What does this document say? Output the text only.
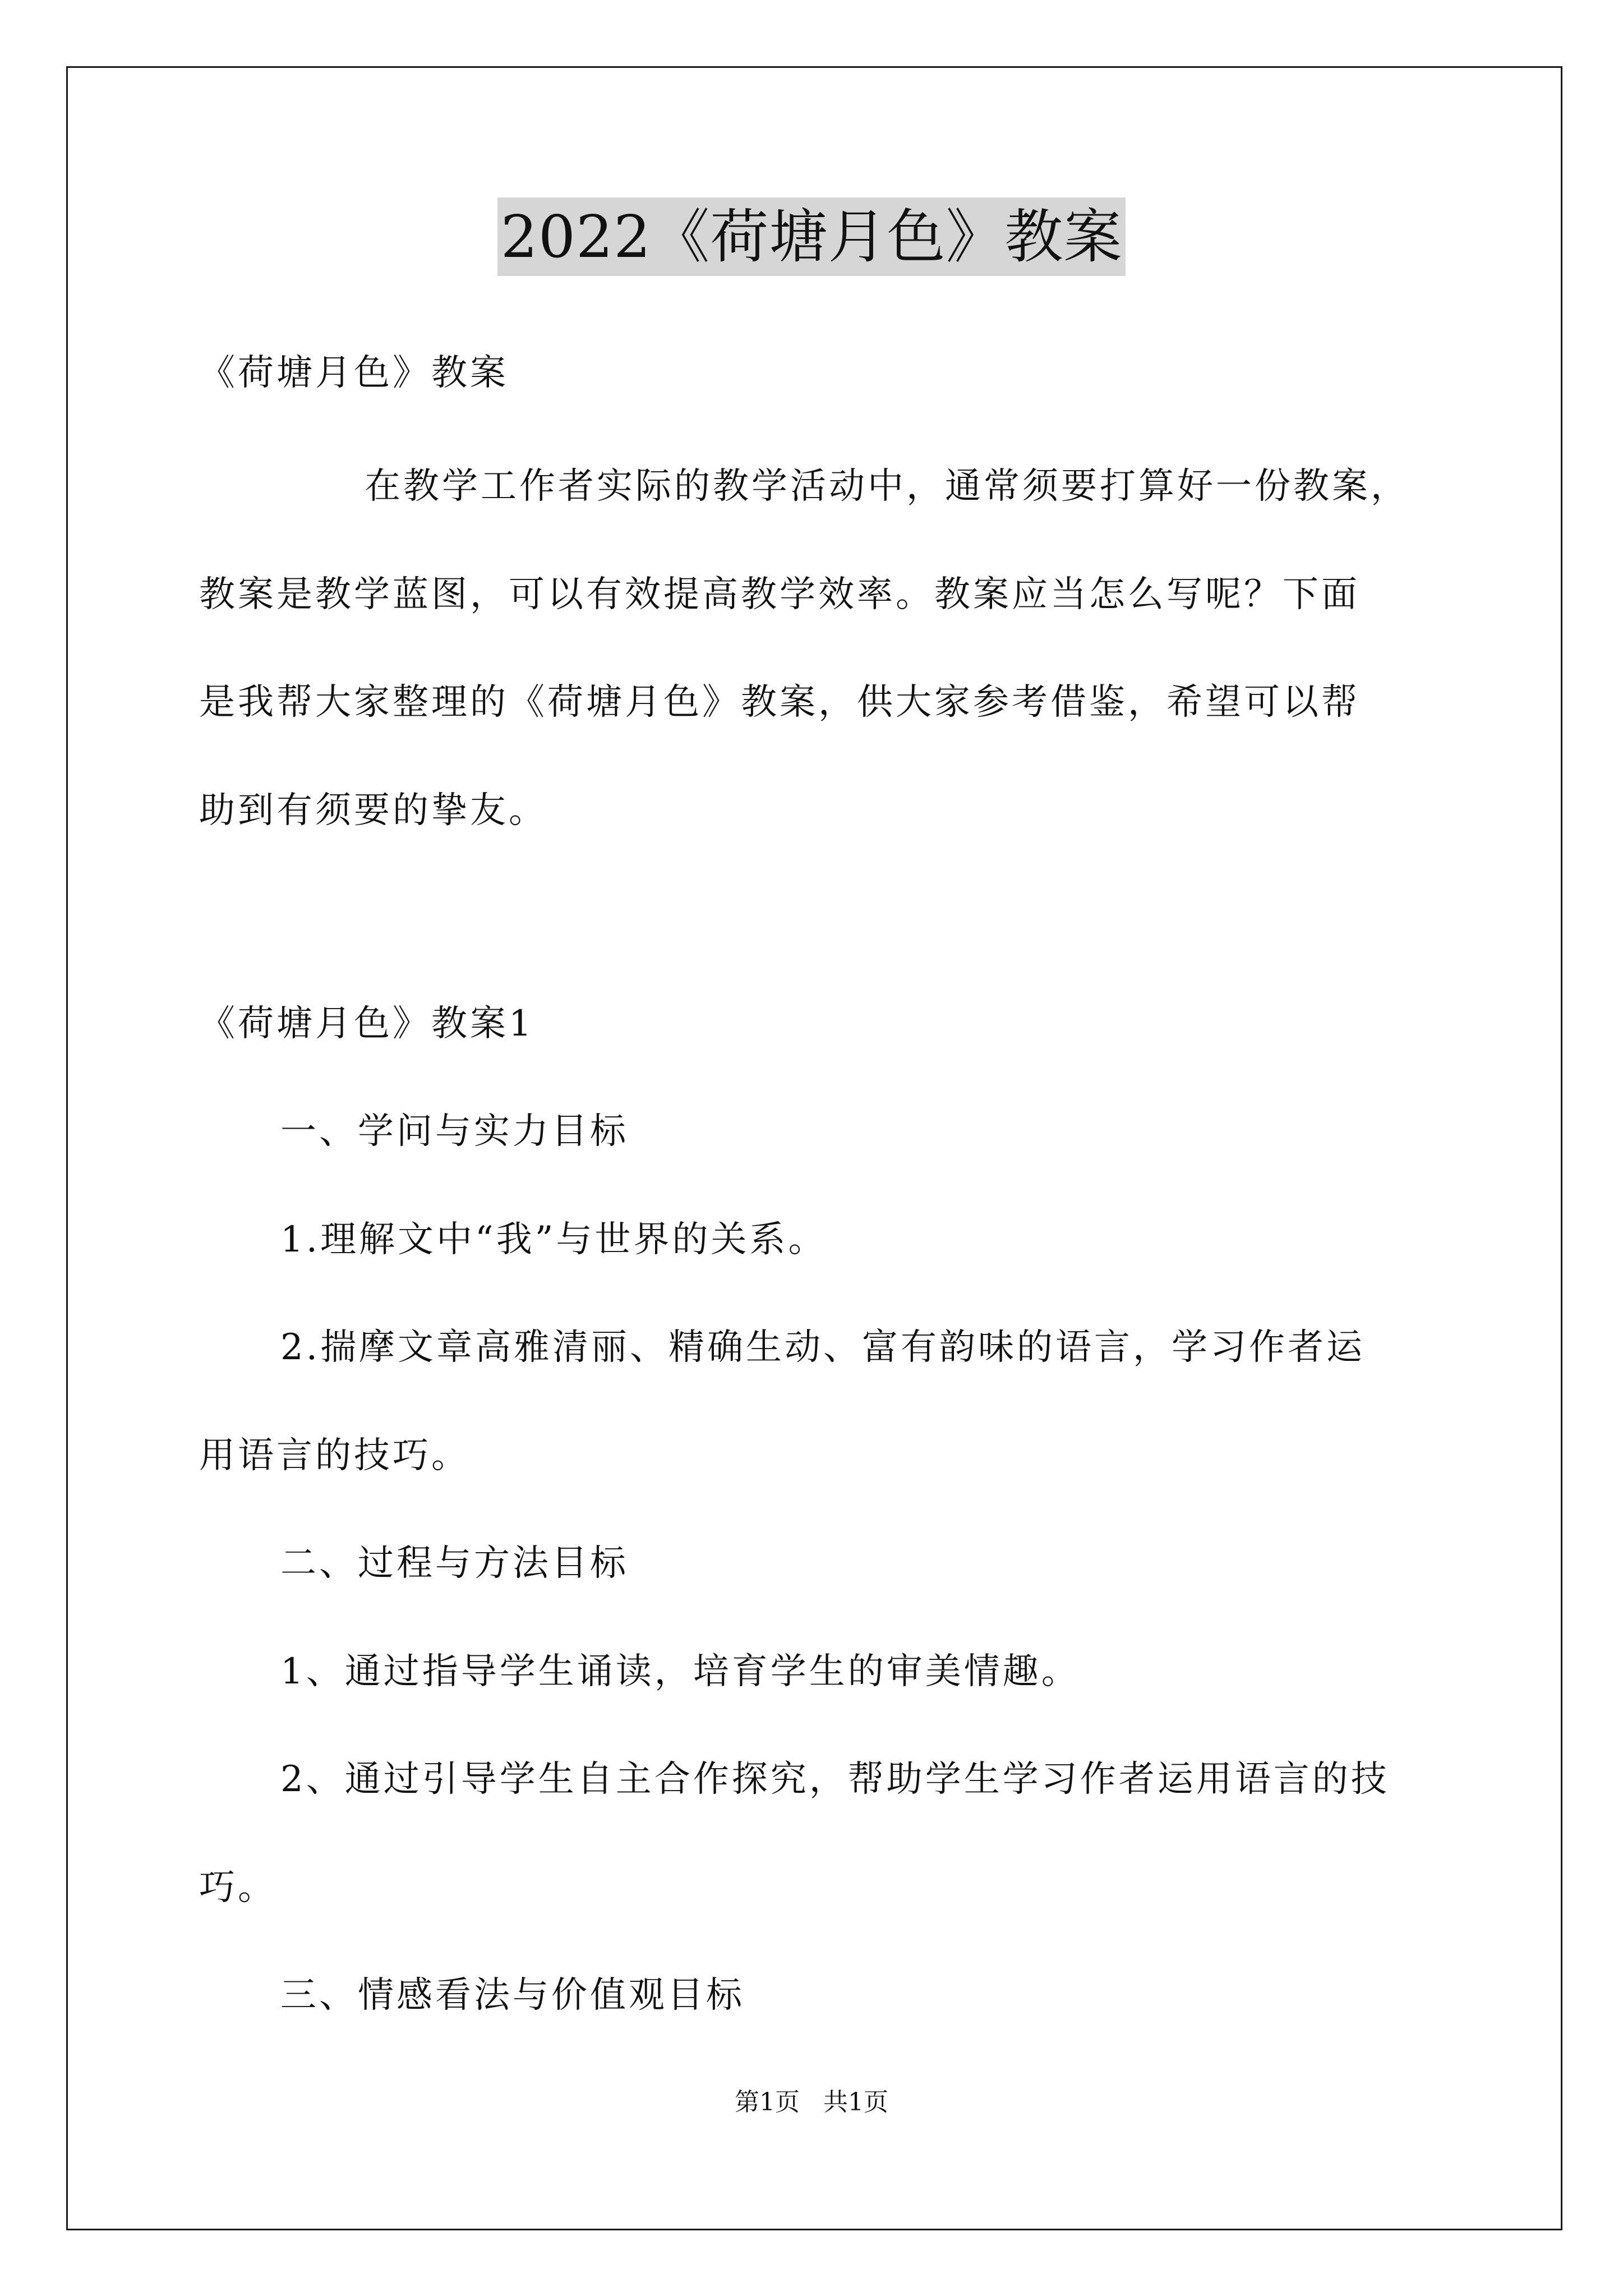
2022《荷塘月色》教案
《荷塘月色》教案
在教学工作者实际的教学活动中，通常须要打算好一份教案，
教案是教学蓝图，可以有效提高教学效率。教案应当怎么写呢？下面
是我帮大家整理的《荷塘月色》教案，供大家参考借鉴，希望可以帮
助到有须要的挚友。
《荷塘月色》教案1
一、学问与实力目标
1.理解文中“我”与世界的关系。
2.揣摩文章高雅清丽、精确生动、富有韵味的语言，学习作者运
用语言的技巧。
二、过程与方法目标
1、通过指导学生诵读，培育学生的审美情趣。
2、通过引导学生自主合作探究，帮助学生学习作者运用语言的技
巧。
三、情感看法与价值观目标
第1页 共1页
